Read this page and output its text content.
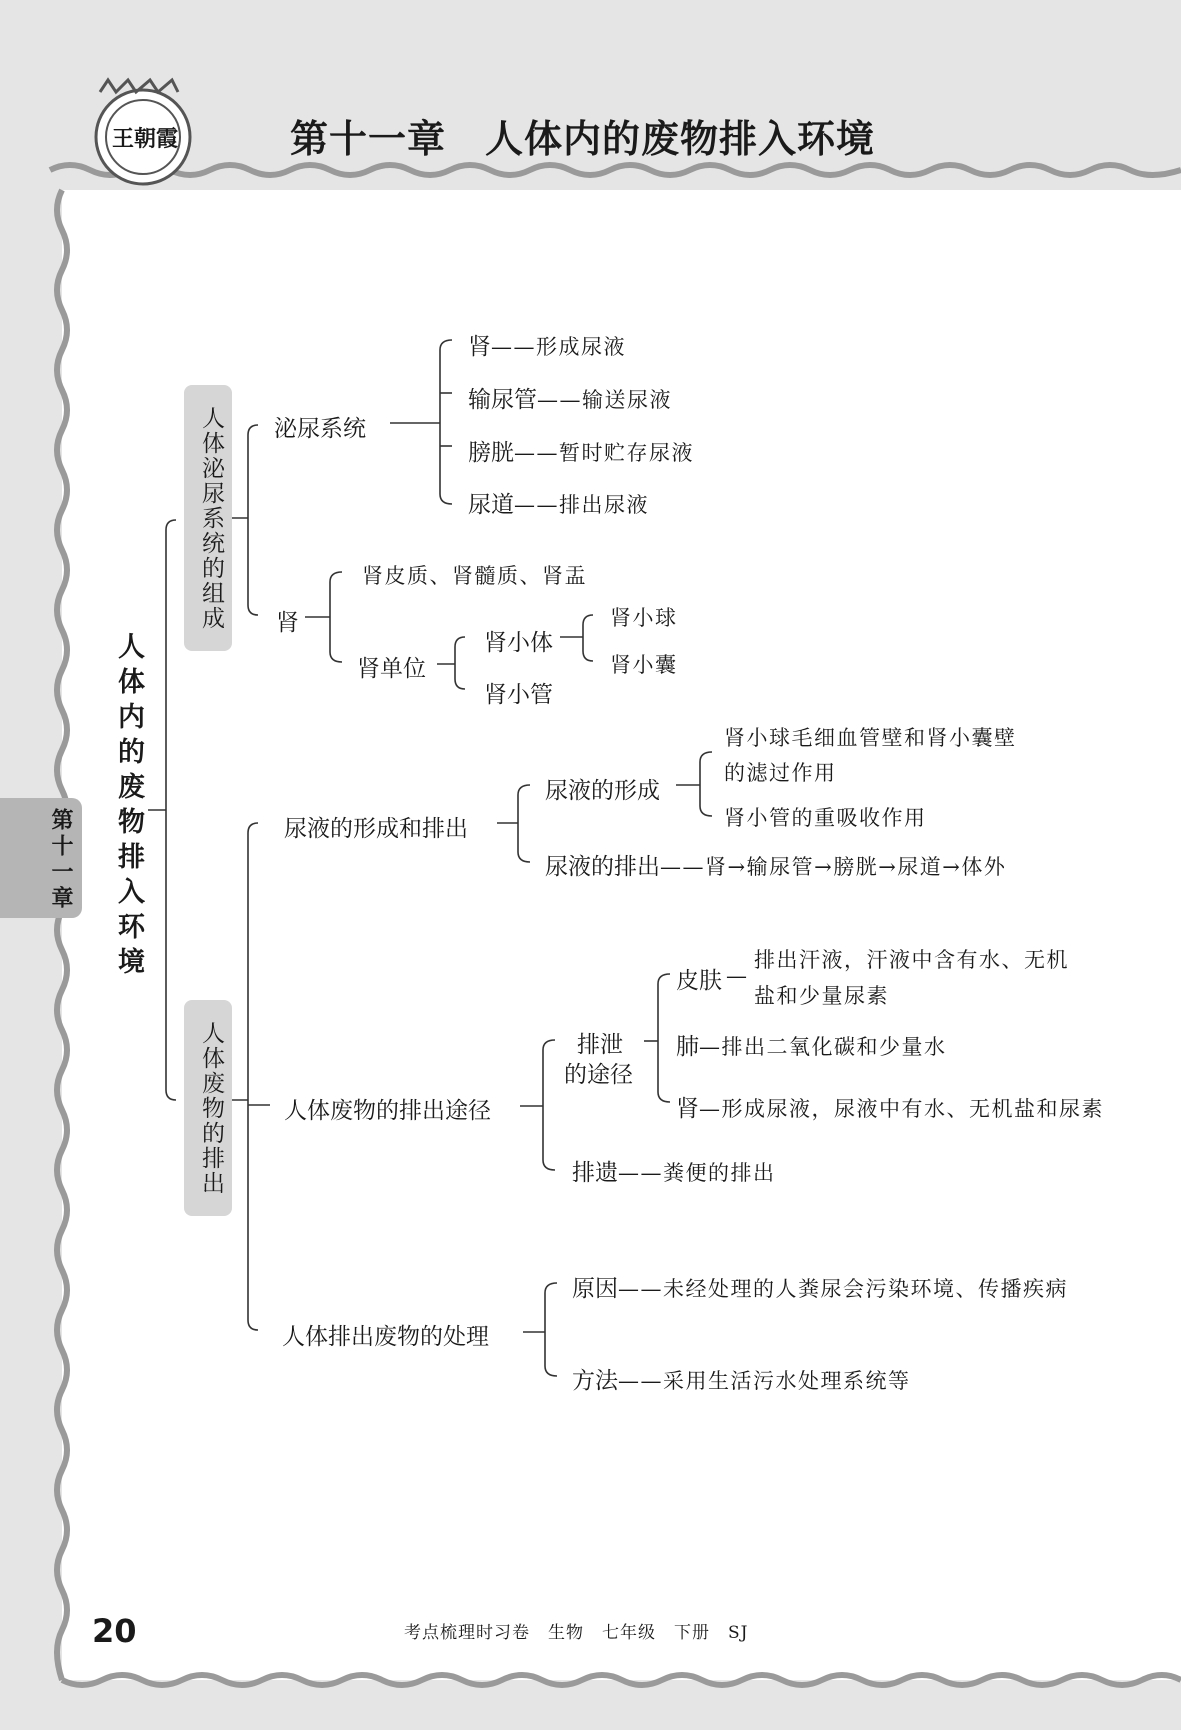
王朝霞	第十一章　人体内的废物排入环境
第十一章	人体内的废物排入环境
人体泌尿系统的组成
人体废物的排出
泌尿系统
肾——形成尿液
输尿管——输送尿液
膀胱——暂时贮存尿液
尿道——排出尿液
肾
肾皮质、肾髓质、肾盂
肾单位
肾小体
肾小管
肾小球
肾小囊
尿液的形成和排出
尿液的形成
肾小球毛细血管壁和肾小囊壁
的滤过作用
肾小管的重吸收作用
尿液的排出——肾→输尿管→膀胱→尿道→体外
人体废物的排出途径
排泄
的途径
皮肤 —
排出汗液，汗液中含有水、无机
盐和少量尿素
肺—排出二氧化碳和少量水
肾—形成尿液，尿液中有水、无机盐和尿素
排遗——粪便的排出
人体排出废物的处理
原因——未经处理的人粪尿会污染环境、传播疾病
方法——采用生活污水处理系统等
20	考点梳理时习卷　生物　七年级　下册　SJ
